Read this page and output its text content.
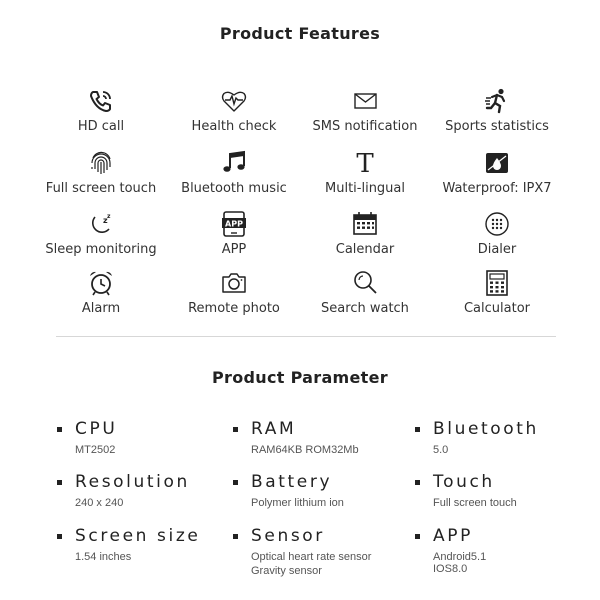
Product Features
HD call	Health check	SMS notification	Sports statistics
Full screen touch	Bluetooth music
T
Multi-lingual	Waterproof: IPX7
z z
Sleep monitoring
APP
APP	Calendar	Dialer
Alarm	Remote photo	Search watch	Calculator
Product Parameter
CPU
MT2502
RAM
RAM64KB ROM32Mb
Bluetooth
5.0
Resolution
240 x 240
Battery
Polymer lithium ion
Touch
Full screen touch
Screen size
1.54 inches
Sensor
Optical heart rate sensor
Gravity sensor
APP
Android5.1
IOS8.0
